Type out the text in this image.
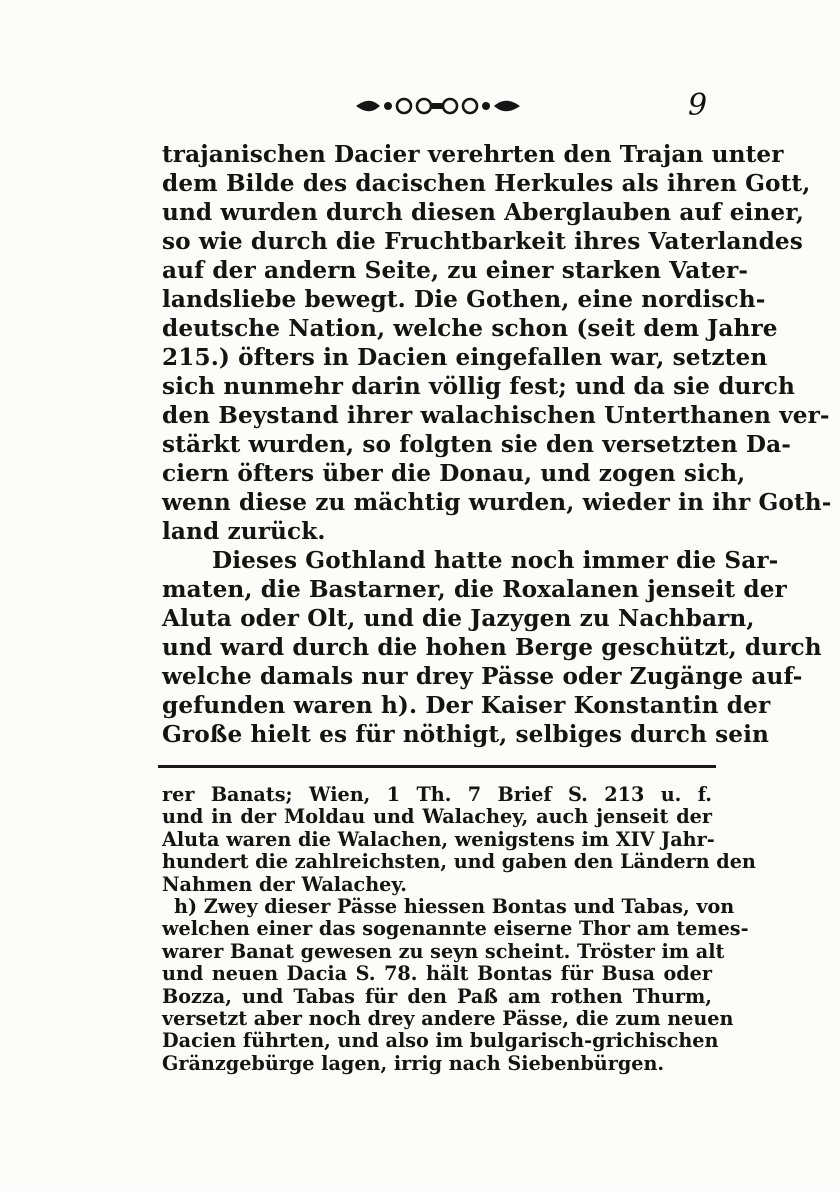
9
trajanischen Dacier verehrten den Trajan unter
dem Bilde des dacischen Herkules als ihren Gott,
und wurden durch diesen Aberglauben auf einer,
so wie durch die Fruchtbarkeit ihres Vaterlandes
auf der andern Seite, zu einer starken Vater-
landsliebe bewegt. Die Gothen, eine nordisch-
deutsche Nation, welche schon (seit dem Jahre
215.) öfters in Dacien eingefallen war, setzten
sich nunmehr darin völlig fest; und da sie durch
den Beystand ihrer walachischen Unterthanen ver-
stärkt wurden, so folgten sie den versetzten Da-
ciern öfters über die Donau, und zogen sich,
wenn diese zu mächtig wurden, wieder in ihr Goth-
land zurück.
Dieses Gothland hatte noch immer die Sar-
maten, die Bastarner, die Roxalanen jenseit der
Aluta oder Olt, und die Jazygen zu Nachbarn,
und ward durch die hohen Berge geschützt, durch
welche damals nur drey Pässe oder Zugänge auf-
gefunden waren h). Der Kaiser Konstantin der
Große hielt es für nöthigt, selbiges durch sein
rer Banats; Wien, 1 Th. 7 Brief S. 213 u. f.
und in der Moldau und Walachey, auch jenseit der
Aluta waren die Walachen, wenigstens im XIV Jahr-
hundert die zahlreichsten, und gaben den Ländern den
Nahmen der Walachey.
h) Zwey dieser Pässe hiessen Bontas und Tabas, von
welchen einer das sogenannte eiserne Thor am temes-
warer Banat gewesen zu seyn scheint. Tröster im alt
und neuen Dacia S. 78. hält Bontas für Busa oder
Bozza, und Tabas für den Paß am rothen Thurm,
versetzt aber noch drey andere Pässe, die zum neuen
Dacien führten, und also im bulgarisch-grichischen
Gränzgebürge lagen, irrig nach Siebenbürgen.
